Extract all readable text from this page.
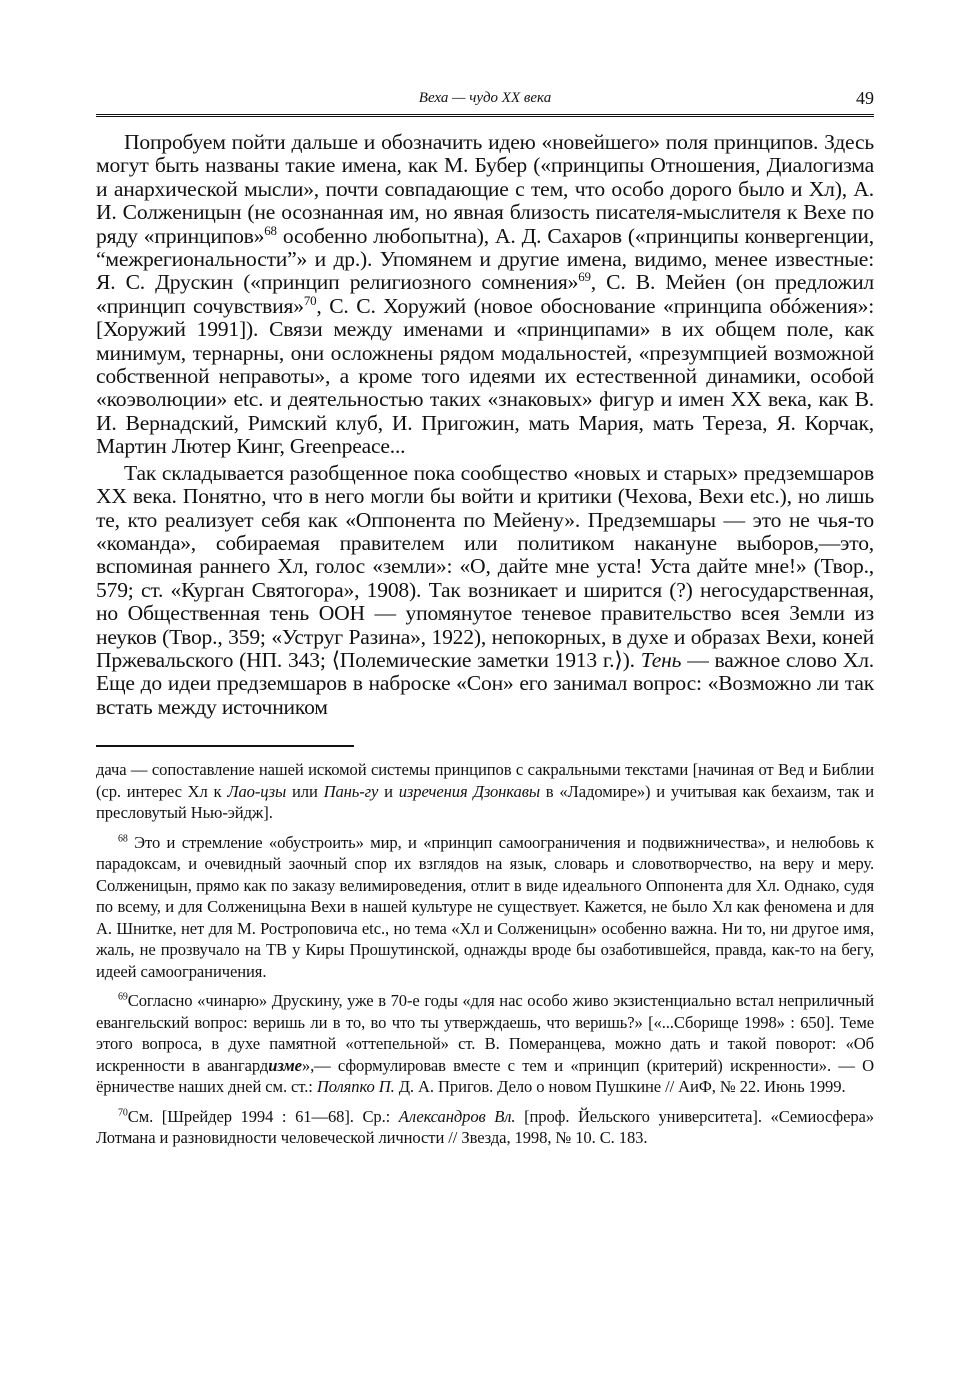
Веха — чудо XX века	49

Попробуем пойти дальше и обозначить идею «новейшего» поля принципов. Здесь могут быть названы такие имена, как М. Бубер («принципы Отношения, Диалогизма и анархической мысли», почти совпадающие с тем, что особо дорого было и Хл), А. И. Солженицын (не осознанная им, но явная близость писателя-мыслителя к Вехе по ряду «принципов»$^{68}$ особенно любопытна), А. Д. Сахаров («принципы конвергенции, “межрегиональности”» и др.). Упомянем и другие имена, видимо, менее известные: Я. С. Друскин («принцип религиозного сомнения»$^{69}$, С. В. Мейен (он предложил «принцип сочувствия»$^{70}$, С. С. Хоружий (новое обоснование «принципа обóжения»: [Хоружий 1991]). Связи между именами и «принципами» в их общем поле, как минимум, тернарны, они осложнены рядом модальностей, «презумпцией возможной собственной неправоты», а кроме того идеями их естественной динамики, особой «коэволюции» etc. и деятельностью таких «знаковых» фигур и имен XX века, как В. И. Вернадский, Римский клуб, И. Пригожин, мать Мария, мать Тереза, Я. Корчак, Мартин Лютер Кинг, Greenpeace...

Так складывается разобщенное пока сообщество «новых и старых» предземшаров XX века. Понятно, что в него могли бы войти и критики (Чехова, Вехи etc.), но лишь те, кто реализует себя как «Оппонента по Мейену». Предземшары — это не чья-то «команда», собираемая правителем или политиком накануне выборов,—это, вспоминая раннего Хл, голос «земли»: «О, дайте мне уста! Уста дайте мне!» (Твор., 579; ст. «Курган Святогора», 1908). Так возникает и ширится (?) негосударственная, но Общественная тень ООН — упомянутое теневое правительство всея Земли из неуков (Твор., 359; «Уструг Разина», 1922), непокорных, в духе и образах Вехи, коней Пржевальского (НП. 343; ⟨Полемические заметки 1913 г.⟩). Тень — важное слово Хл. Еще до идеи предземшаров в наброске «Сон» его занимал вопрос: «Возможно ли так встать между источником

дача — сопоставление нашей искомой системы принципов с сакральными текстами [начиная от Вед и Библии (ср. интерес Хл к Лао-цзы или Пань-гу и изречения Дзонкавы в «Ладомире») и учитывая как бехаизм, так и пресловутый Нью-эйдж].

$^{68}$ Это и стремление «обустроить» мир, и «принцип самоограничения и подвижничества», и нелюбовь к парадоксам, и очевидный заочный спор их взглядов на язык, словарь и словотворчество, на веру и меру. Солженицын, прямо как по заказу велимироведения, отлит в виде идеального Оппонента для Хл. Однако, судя по всему, и для Солженицына Вехи в нашей культуре не существует. Кажется, не было Хл как феномена и для А. Шнитке, нет для М. Ростроповича etc., но тема «Хл и Солженицын» особенно важна. Ни то, ни другое имя, жаль, не прозвучало на ТВ у Киры Прошутинской, однажды вроде бы озаботившейся, правда, как-то на бегу, идеей самоограничения.

$^{69}$Согласно «чинарю» Друскину, уже в 70-е годы «для нас особо живо экзистенциально встал неприличный евангельский вопрос: веришь ли в то, во что ты утверждаешь, что веришь?» [«...Сборище 1998» : 650]. Теме этого вопроса, в духе памятной «оттепельной» ст. В. Померанцева, можно дать и такой поворот: «Об искренности в авангардизме»,— сформулировав вместе с тем и «принцип (критерий) искренности». — О ёрничестве наших дней см. ст.: Поляпко П. Д. А. Пригов. Дело о новом Пушкине // АиФ, № 22. Июнь 1999.

$^{70}$См. [Шрейдер 1994 : 61—68]. Ср.: Александров Вл. [проф. Йельского университета]. «Семиосфера» Лотмана и разновидности человеческой личности // Звезда, 1998, № 10. С. 183.
